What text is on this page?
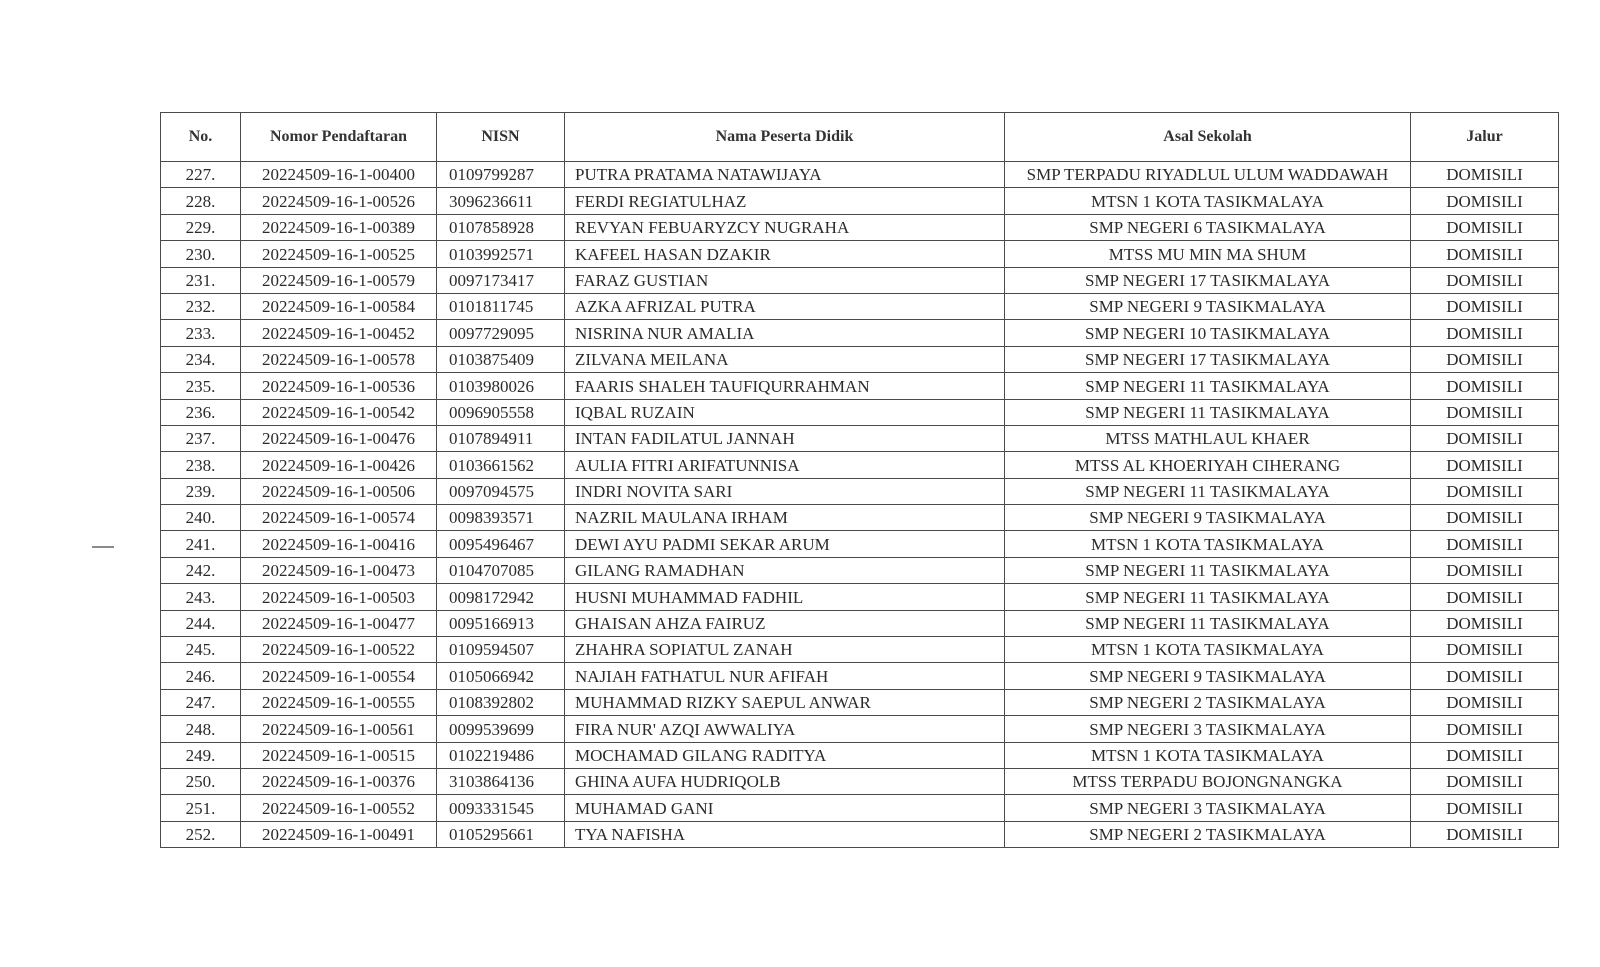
No.	Nomor Pendaftaran	NISN	Nama Peserta Didik	Asal Sekolah	Jalur
227.	20224509-16-1-00400	0109799287	PUTRA PRATAMA NATAWIJAYA	SMP TERPADU RIYADLUL ULUM WADDAWAH	DOMISILI
228.	20224509-16-1-00526	3096236611	FERDI REGIATULHAZ	MTSN 1 KOTA TASIKMALAYA	DOMISILI
229.	20224509-16-1-00389	0107858928	REVYAN FEBUARYZCY NUGRAHA	SMP NEGERI 6 TASIKMALAYA	DOMISILI
230.	20224509-16-1-00525	0103992571	KAFEEL HASAN DZAKIR	MTSS MU MIN MA SHUM	DOMISILI
231.	20224509-16-1-00579	0097173417	FARAZ GUSTIAN	SMP NEGERI 17 TASIKMALAYA	DOMISILI
232.	20224509-16-1-00584	0101811745	AZKA AFRIZAL PUTRA	SMP NEGERI 9 TASIKMALAYA	DOMISILI
233.	20224509-16-1-00452	0097729095	NISRINA NUR AMALIA	SMP NEGERI 10 TASIKMALAYA	DOMISILI
234.	20224509-16-1-00578	0103875409	ZILVANA MEILANA	SMP NEGERI 17 TASIKMALAYA	DOMISILI
235.	20224509-16-1-00536	0103980026	FAARIS SHALEH TAUFIQURRAHMAN	SMP NEGERI 11 TASIKMALAYA	DOMISILI
236.	20224509-16-1-00542	0096905558	IQBAL RUZAIN	SMP NEGERI 11 TASIKMALAYA	DOMISILI
237.	20224509-16-1-00476	0107894911	INTAN FADILATUL JANNAH	MTSS MATHLAUL KHAER	DOMISILI
238.	20224509-16-1-00426	0103661562	AULIA FITRI ARIFATUNNISA	MTSS AL KHOERIYAH CIHERANG	DOMISILI
239.	20224509-16-1-00506	0097094575	INDRI NOVITA SARI	SMP NEGERI 11 TASIKMALAYA	DOMISILI
240.	20224509-16-1-00574	0098393571	NAZRIL MAULANA IRHAM	SMP NEGERI 9 TASIKMALAYA	DOMISILI
241.	20224509-16-1-00416	0095496467	DEWI AYU PADMI SEKAR ARUM	MTSN 1 KOTA TASIKMALAYA	DOMISILI
242.	20224509-16-1-00473	0104707085	GILANG RAMADHAN	SMP NEGERI 11 TASIKMALAYA	DOMISILI
243.	20224509-16-1-00503	0098172942	HUSNI MUHAMMAD FADHIL	SMP NEGERI 11 TASIKMALAYA	DOMISILI
244.	20224509-16-1-00477	0095166913	GHAISAN AHZA FAIRUZ	SMP NEGERI 11 TASIKMALAYA	DOMISILI
245.	20224509-16-1-00522	0109594507	ZHAHRA SOPIATUL ZANAH	MTSN 1 KOTA TASIKMALAYA	DOMISILI
246.	20224509-16-1-00554	0105066942	NAJIAH FATHATUL NUR AFIFAH	SMP NEGERI 9 TASIKMALAYA	DOMISILI
247.	20224509-16-1-00555	0108392802	MUHAMMAD RIZKY SAEPUL ANWAR	SMP NEGERI 2 TASIKMALAYA	DOMISILI
248.	20224509-16-1-00561	0099539699	FIRA NUR' AZQI AWWALIYA	SMP NEGERI 3 TASIKMALAYA	DOMISILI
249.	20224509-16-1-00515	0102219486	MOCHAMAD GILANG RADITYA	MTSN 1 KOTA TASIKMALAYA	DOMISILI
250.	20224509-16-1-00376	3103864136	GHINA AUFA HUDRIQOLB	MTSS TERPADU BOJONGNANGKA	DOMISILI
251.	20224509-16-1-00552	0093331545	MUHAMAD GANI	SMP NEGERI 3 TASIKMALAYA	DOMISILI
252.	20224509-16-1-00491	0105295661	TYA NAFISHA	SMP NEGERI 2 TASIKMALAYA	DOMISILI
